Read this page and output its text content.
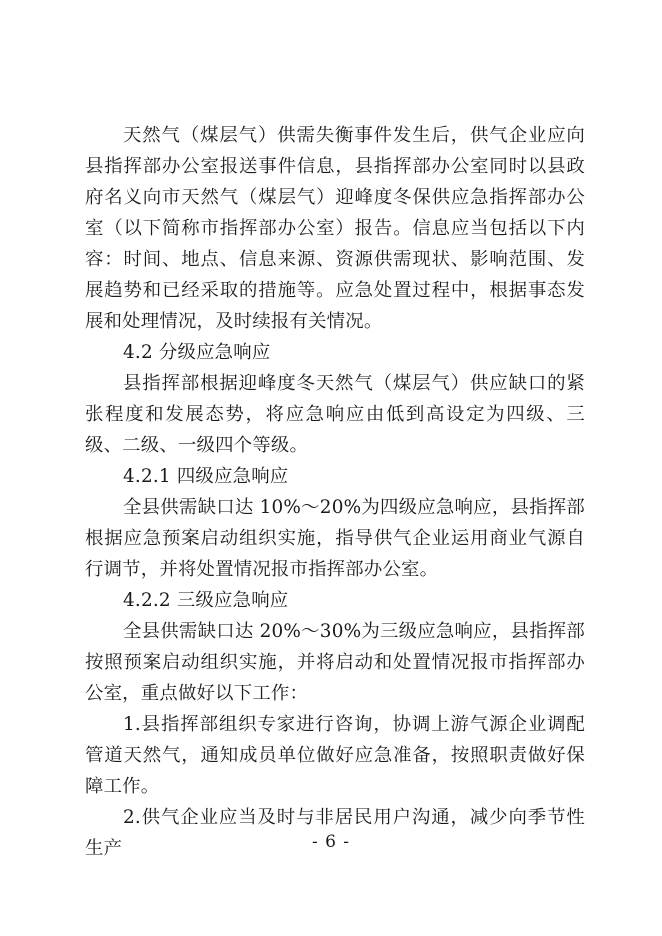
天然气（煤层气）供需失衡事件发生后，供气企业应向县指挥部办公室报送事件信息，县指挥部办公室同时以县政府名义向市天然气（煤层气）迎峰度冬保供应急指挥部办公室（以下简称市指挥部办公室）报告。信息应当包括以下内容：时间、地点、信息来源、资源供需现状、影响范围、发展趋势和已经采取的措施等。应急处置过程中，根据事态发展和处理情况，及时续报有关情况。

4.2 分级应急响应

县指挥部根据迎峰度冬天然气（煤层气）供应缺口的紧张程度和发展态势，将应急响应由低到高设定为四级、三级、二级、一级四个等级。

4.2.1 四级应急响应

全县供需缺口达 10%～20%为四级应急响应，县指挥部根据应急预案启动组织实施，指导供气企业运用商业气源自行调节，并将处置情况报市指挥部办公室。

4.2.2 三级应急响应

全县供需缺口达 20%～30%为三级应急响应，县指挥部按照预案启动组织实施，并将启动和处置情况报市指挥部办公室，重点做好以下工作：

1.县指挥部组织专家进行咨询，协调上游气源企业调配管道天然气，通知成员单位做好应急准备，按照职责做好保障工作。

2.供气企业应当及时与非居民用户沟通，减少向季节性生产	- 6 -
